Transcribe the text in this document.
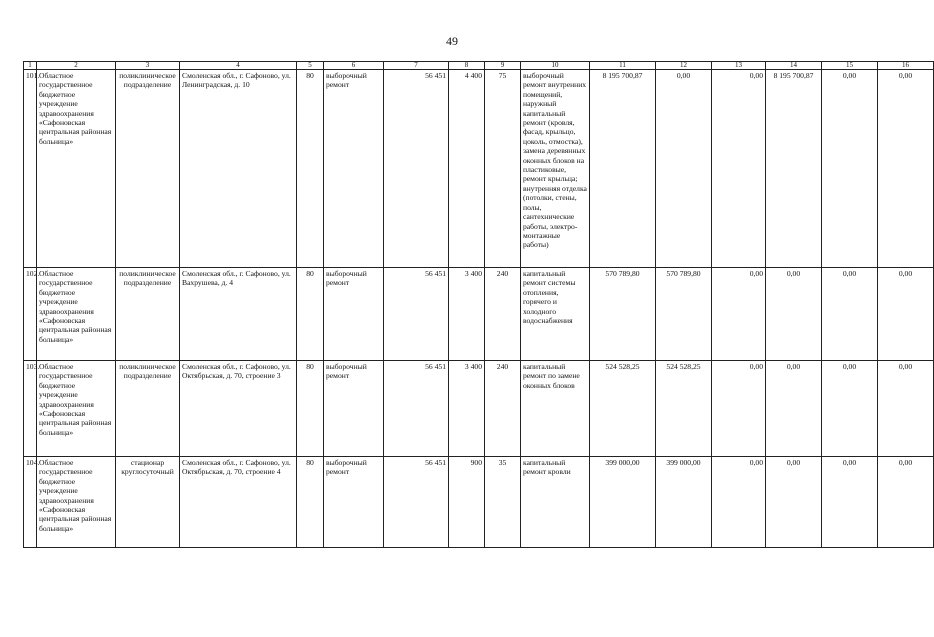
49
1	2	3	4	5	6	7	8	9	10	11	12	13	14	15	16
101.	Областное государственное бюджетное учреждение здравоохранения «Сафоновская центральная районная больница»	поликлиническое подразделение	Смоленская обл., г. Сафоново, ул. Ленинградская, д. 10	80	выборочный ремонт	56 451	4 400	75	выборочный ремонт внутренних помещений, наружный капитальный ремонт (кровля, фасад, крыльцо, цоколь, отмостка), замена деревянных оконных блоков на пластиковые, ремонт крыльца; внутренняя отделка (потолки, стены, полы, сантехнические работы, электро-монтажные работы)	8 195 700,87	0,00	0,00	8 195 700,87	0,00	0,00
102.	Областное государственное бюджетное учреждение здравоохранения «Сафоновская центральная районная больница»	поликлиническое подразделение	Смоленская обл., г. Сафоново, ул. Вахрушева, д. 4	80	выборочный ремонт	56 451	3 400	240	капитальный ремонт системы отопления, горячего и холодного водоснабжения	570 789,80	570 789,80	0,00	0,00	0,00	0,00
103.	Областное государственное бюджетное учреждение здравоохранения «Сафоновская центральная районная больница»	поликлиническое подразделение	Смоленская обл., г. Сафоново, ул. Октябрьская, д. 70, строение 3	80	выборочный ремонт	56 451	3 400	240	капитальный ремонт по замене оконных блоков	524 528,25	524 528,25	0,00	0,00	0,00	0,00
104.	Областное государственное бюджетное учреждение здравоохранения «Сафоновская центральная районная больница»	стационар круглосуточный	Смоленская обл., г. Сафоново, ул. Октябрьская, д. 70, строение 4	80	выборочный ремонт	56 451	900	35	капитальный ремонт кровли	399 000,00	399 000,00	0,00	0,00	0,00	0,00
